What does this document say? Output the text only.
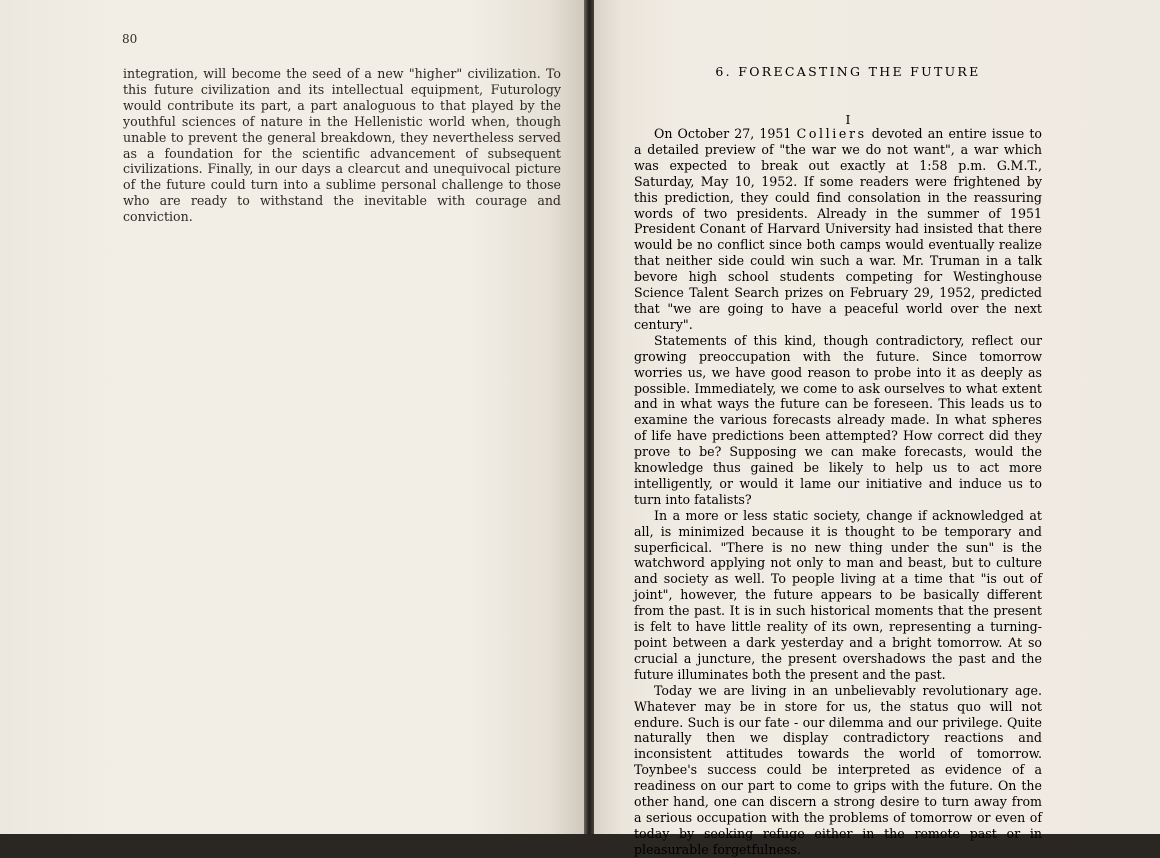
80

integration, will become the seed of a new "higher" civilization. To this future civilization and its intellectual equipment, Futurology would contribute its part, a part analoguous to that played by the youthful sciences of nature in the Hellenistic world when, though unable to prevent the general breakdown, they nevertheless served as a foundation for the scientific advancement of subsequent civilizations. Finally, in our days a clearcut and unequivocal picture of the future could turn into a sublime personal challenge to those who are ready to withstand the inevitable with courage and conviction.

6. FORECASTING THE FUTURE
I

On October 27, 1951 Colliers devoted an entire issue to a detailed preview of "the war we do not want", a war which was expected to break out exactly at 1:58 p.m. G.M.T., Saturday, May 10, 1952. If some readers were frightened by this prediction, they could find consolation in the reassuring words of two presidents. Already in the summer of 1951 President Conant of Harvard University had insisted that there would be no conflict since both camps would eventually realize that neither side could win such a war. Mr. Truman in a talk bevore high school students competing for Westinghouse Science Talent Search prizes on February 29, 1952, predicted that "we are going to have a peaceful world over the next century".

Statements of this kind, though contradictory, reflect our growing preoccupation with the future. Since tomorrow worries us, we have good reason to probe into it as deeply as possible. Immediately, we come to ask ourselves to what extent and in what ways the future can be foreseen. This leads us to examine the various forecasts already made. In what spheres of life have predictions been attempted? How correct did they prove to be? Supposing we can make forecasts, would the knowledge thus gained be likely to help us to act more intelligently, or would it lame our initiative and induce us to turn into fatalists?

In a more or less static society, change if acknowledged at all, is minimized because it is thought to be temporary and superficical. "There is no new thing under the sun" is the watchword applying not only to man and beast, but to culture and society as well. To people living at a time that "is out of joint", however, the future appears to be basically different from the past. It is in such historical moments that the present is felt to have little reality of its own, representing a turning-point between a dark yesterday and a bright tomorrow. At so crucial a juncture, the present overshadows the past and the future illuminates both the present and the past.

Today we are living in an unbelievably revolutionary age. Whatever may be in store for us, the status quo will not endure. Such is our fate - our dilemma and our privilege. Quite naturally then we display contradictory reactions and inconsistent attitudes towards the world of tomorrow. Toynbee's success could be interpreted as evidence of a readiness on our part to come to grips with the future. On the other hand, one can discern a strong desire to turn away from a serious occupation with the problems of tomorrow or even of today by seeking refuge either in the remote past or in pleasurable forgetfulness.
